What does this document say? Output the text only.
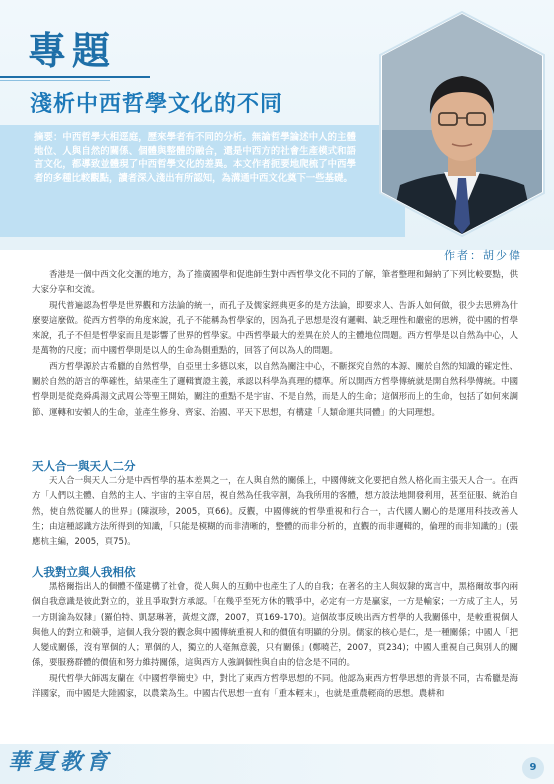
專題
淺析中西哲學文化的不同
摘要：中西哲學大相逕庭，歷來學者有不同的分析。無論哲學論述中人的主體地位、人與自然的關係、個體與整體的融合，還是中西方的社會生產模式和語言文化，都導致並體現了中西哲學文化的差異。本文作者扼要地爬梳了中西學者的多種比較觀點，讀者深入淺出有所認知，為溝通中西文化奠下一些基礎。
作者：胡少偉

香港是一個中西文化交滙的地方，為了推廣國學和促進師生對中西哲學文化不同的了解，筆者整理和歸納了下列比較要點，供大家分享和交流。

現代普遍認為哲學是世界觀和方法論的統一，而孔子及儒家經典更多的是方法論，即要求人、告訴人如何做，很少去思辨為什麼要這麼做。從西方哲學的角度來說，孔子不能稱為哲學家的，因為孔子思想是沒有邏輯、缺乏理性和嚴密的思辨，從中國的哲學來說，孔子不但是哲學家而且是影響了世界的哲學家。中西哲學最大的差異在於人的主體地位問題。西方哲學是以自然為中心，人是萬物的尺度；而中國哲學則是以人的生命為側重點的，回答了何以為人的問題。

西方哲學源於古希臘的自然哲學，自亞里士多德以來，以自然為關注中心，不斷探究自然的本源、關於自然的知識的確定性、關於自然的語言的準確性，結果產生了邏輯實證主義，承認以科學為真理的標準。所以開西方哲學傳統就是開自然科學傳統。中國哲學則是從堯舜禹湯文武周公等聖王開始，關注的重點不是宇宙、不是自然，而是人的生命；這個形而上的生命，包括了如何來調節、運轉和安頓人的生命，並產生修身、齊家、治國、平天下思想，有構建「人類命運共同體」的大同理想。

天人合一與天人二分

天人合一與天人二分是中西哲學的基本差異之一，在人與自然的關係上，中國傳統文化要把自然人格化而主張天人合一。在西方「人們以主體、自然的主人、宇宙的主宰自居，視自然為任我宰割，為我所用的客體，想方設法地開發利用，甚至征服、統治自然，使自然從屬人的世界」(陳淑珍，2005，頁66)。反觀，中國傳統的哲學重視和行合一，古代國人關心的是運用科技改善人生；由這種認識方法所得到的知識，「只能是模糊的而非清晰的，整體的而非分析的，直觀的而非邏輯的，倫理的而非知識的」(張應杭主編，2005，頁75)。

人我對立與人我相依

黑格爾指出人的個體不僅建構了社會，從人與人的互動中也產生了人的自我；在著名的主人與奴隸的寓言中，黑格爾故事內兩個自我意識是彼此對立的，並且爭取對方承認。「在幾乎至死方休的戰爭中，必定有一方是贏家，一方是輸家；一方成了主人，另一方則淪為奴隸」(羅伯特、凱瑟琳著，黃煜文譯，2007，頁169-170)。這個故事反映出西方哲學的人我關係中，是較重視個人與他人的對立和競爭，這個人我分裂的觀念與中國傳統重視人和的價值有明顯的分別。儒家的核心是仁，是一種關係；中國人「把人變成關係，沒有單個的人；單個的人，獨立的人毫無意義，只有關係」(鄭曉芒，2007，頁234)；中國人重視自己與別人的關係，要服務群體的價值和努力維持關係，這與西方人強調個性與自由的信念是不同的。

現代哲學大師馮友蘭在《中國哲學簡史》中，對比了東西方哲學思想的不同。他認為東西方哲學思想的背景不同，古希臘是海洋國家，而中國是大陸國家，以農業為生。中國古代思想一直有「重本輕末」，也就是重農輕商的思想。農耕和

華夏教育	9
